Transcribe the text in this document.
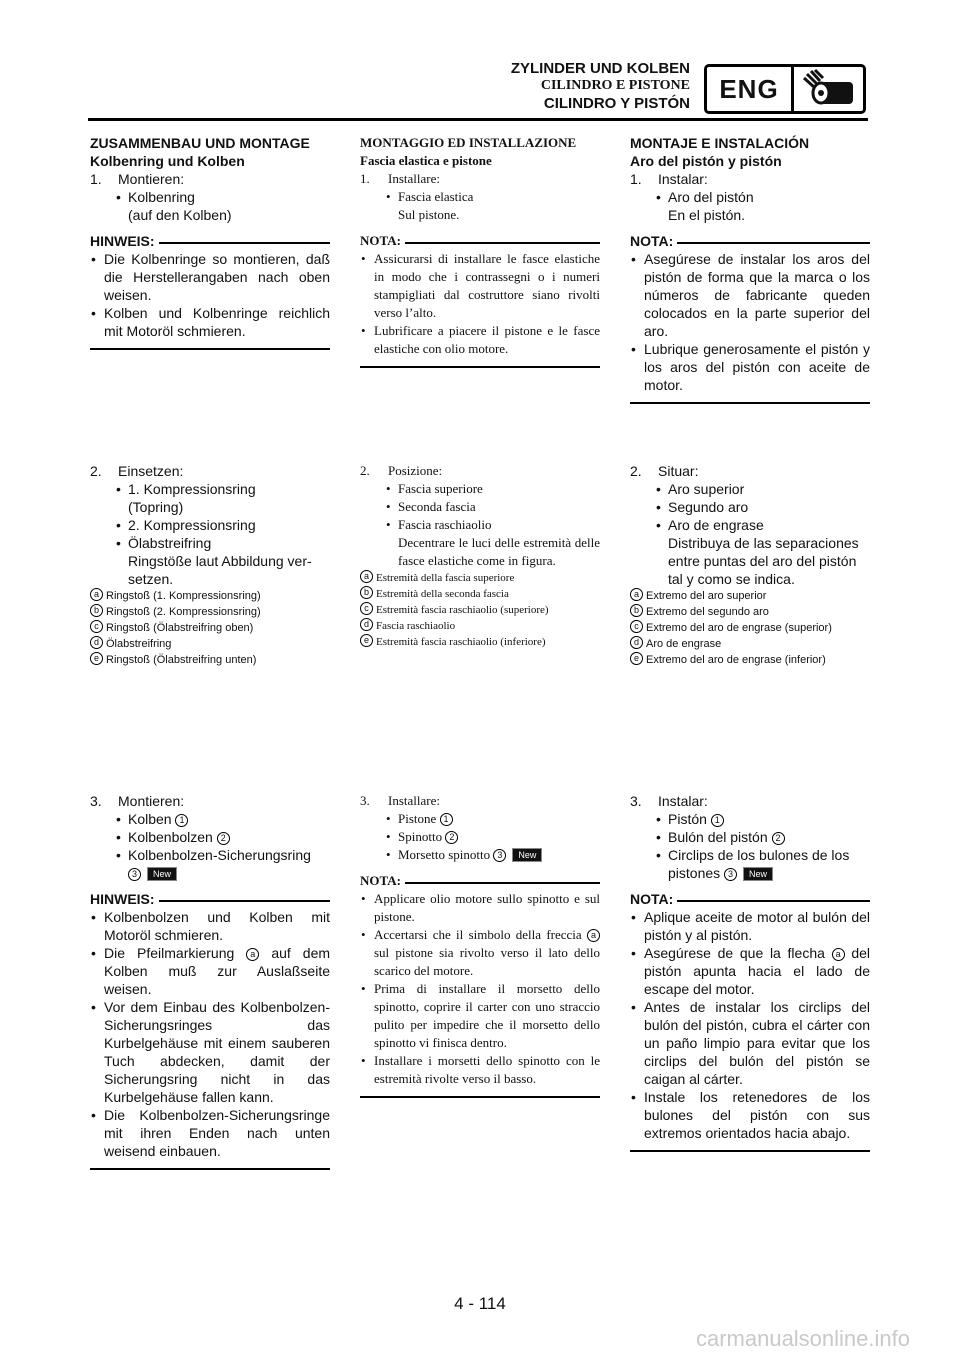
ZYLINDER UND KOLBEN
CILINDRO E PISTONE
CILINDRO Y PISTÓN	ENG
ZUSAMMENBAU UND MONTAGE
Kolbenring und Kolben
1. Montieren:
• Kolbenring
(auf den Kolben)
HINWEIS:
• Die Kolbenringe so montieren, daß die Herstellerangaben nach oben weisen.
• Kolben und Kolbenringe reichlich mit Motoröl schmieren.
2. Einsetzen:
• 1. Kompressionsring
(Topring)
• 2. Kompressionsring
• Ölabstreifring
Ringstöße laut Abbildung ver-setzen.
a Ringstoß (1. Kompressionsring)
b Ringstoß (2. Kompressionsring)
c Ringstoß (Ölabstreifring oben)
d Ölabstreifring
e Ringstoß (Ölabstreifring unten)
3. Montieren:
• Kolben 1
• Kolbenbolzen 2
• Kolbenbolzen-Sicherungsring
3 New
HINWEIS:
• Kolbenbolzen und Kolben mit Motoröl schmieren.
• Die Pfeilmarkierung a auf dem Kolben muß zur Auslaßseite weisen.
• Vor dem Einbau des Kolbenbolzen-Sicherungsringes das Kurbelgehäuse mit einem sauberen Tuch abdecken, damit der Sicherungsring nicht in das Kurbelgehäuse fallen kann.
• Die Kolbenbolzen-Sicherungsringe mit ihren Enden nach unten weisend einbauen.
MONTAGGIO ED INSTALLAZIONE
Fascia elastica e pistone
1. Installare:
• Fascia elastica
Sul pistone.
NOTA:
• Assicurarsi di installare le fasce elastiche in modo che i contrassegni o i numeri stampigliati dal costruttore siano rivolti verso l’alto.
• Lubrificare a piacere il pistone e le fasce elastiche con olio motore.
2. Posizione:
• Fascia superiore
• Seconda fascia
• Fascia raschiaolio
Decentrare le luci delle estremità delle fasce elastiche come in figura.
a Estremità della fascia superiore
b Estremità della seconda fascia
c Estremità fascia raschiaolio (superiore)
d Fascia raschiaolio
e Estremità fascia raschiaolio (inferiore)
3. Installare:
• Pistone 1
• Spinotto 2
• Morsetto spinotto 3 New
NOTA:
• Applicare olio motore sullo spinotto e sul pistone.
• Accertarsi che il simbolo della freccia a sul pistone sia rivolto verso il lato dello scarico del motore.
• Prima di installare il morsetto dello spinotto, coprire il carter con uno straccio pulito per impedire che il morsetto dello spinotto vi finisca dentro.
• Installare i morsetti dello spinotto con le estremità rivolte verso il basso.
MONTAJE E INSTALACIÓN
Aro del pistón y pistón
1. Instalar:
• Aro del pistón
En el pistón.
NOTA:
• Asegúrese de instalar los aros del pistón de forma que la marca o los números de fabricante queden colocados en la parte superior del aro.
• Lubrique generosamente el pistón y los aros del pistón con aceite de motor.
2. Situar:
• Aro superior
• Segundo aro
• Aro de engrase
Distribuya de las separaciones entre puntas del aro del pistón tal y como se indica.
a Extremo del aro superior
b Extremo del segundo aro
c Extremo del aro de engrase (superior)
d Aro de engrase
e Extremo del aro de engrase (inferior)
3. Instalar:
• Pistón 1
• Bulón del pistón 2
• Circlips de los bulones de los pistones 3 New
NOTA:
• Aplique aceite de motor al bulón del pistón y al pistón.
• Asegúrese de que la flecha a del pistón apunta hacia el lado de escape del motor.
• Antes de instalar los circlips del bulón del pistón, cubra el cárter con un paño limpio para evitar que los circlips del bulón del pistón se caigan al cárter.
• Instale los retenedores de los bulones del pistón con sus extremos orientados hacia abajo.
4 - 114
carmanualsonline.info
